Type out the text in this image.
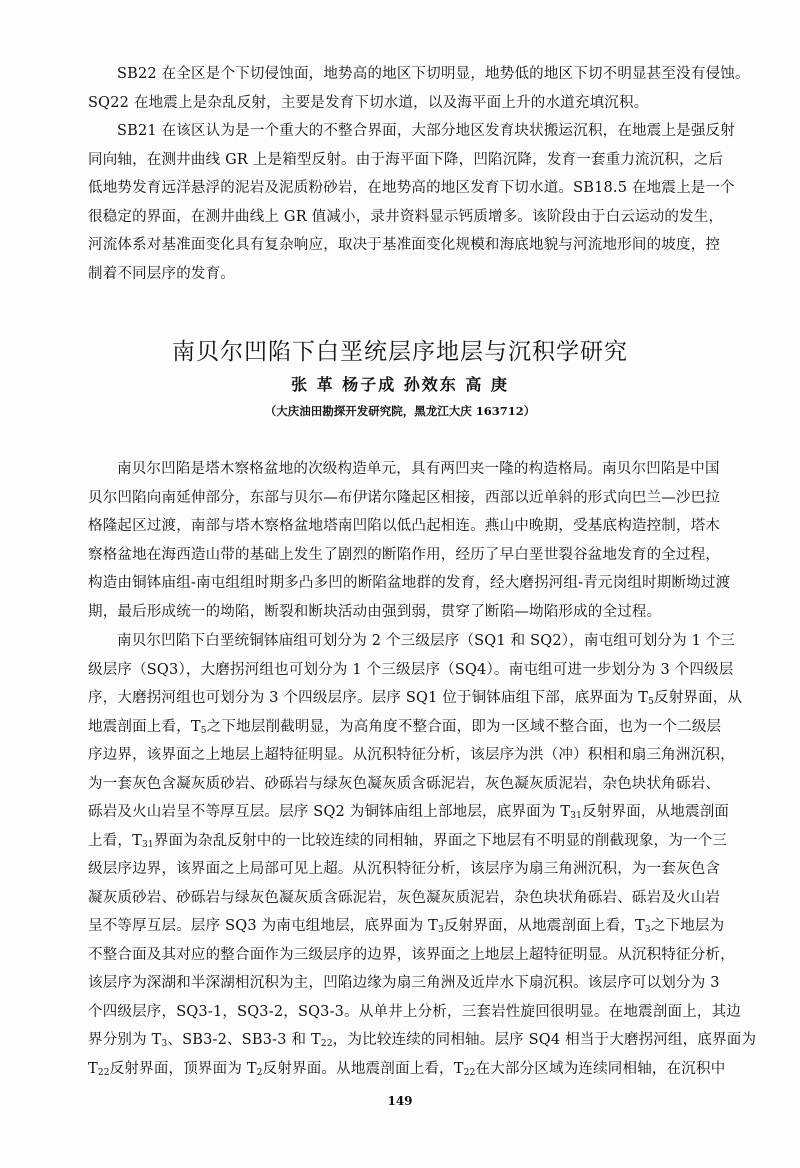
SB22 在全区是个下切侵蚀面，地势高的地区下切明显，地势低的地区下切不明显甚至没有侵蚀。
SQ22 在地震上是杂乱反射，主要是发育下切水道，以及海平面上升的水道充填沉积。
SB21 在该区认为是一个重大的不整合界面，大部分地区发育块状搬运沉积，在地震上是强反射
同向轴，在测井曲线 GR 上是箱型反射。由于海平面下降，凹陷沉降，发育一套重力流沉积，之后
低地势发育远洋悬浮的泥岩及泥质粉砂岩，在地势高的地区发育下切水道。SB18.5 在地震上是一个
很稳定的界面，在测井曲线上 GR 值减小，录井资料显示钙质增多。该阶段由于白云运动的发生，
河流体系对基准面变化具有复杂响应，取决于基准面变化规模和海底地貌与河流地形间的坡度，控
制着不同层序的发育。
南贝尔凹陷下白垩统层序地层与沉积学研究
张 革 杨子成 孙效东 高 庚
（大庆油田勘探开发研究院，黑龙江大庆 163712）
南贝尔凹陷是塔木察格盆地的次级构造单元，具有两凹夹一隆的构造格局。南贝尔凹陷是中国
贝尔凹陷向南延伸部分，东部与贝尔—布伊诺尔隆起区相接，西部以近单斜的形式向巴兰—沙巴拉
格隆起区过渡，南部与塔木察格盆地塔南凹陷以低凸起相连。燕山中晚期，受基底构造控制，塔木
察格盆地在海西造山带的基础上发生了剧烈的断陷作用，经历了早白垩世裂谷盆地发育的全过程，
构造由铜钵庙组-南屯组组时期多凸多凹的断陷盆地群的发育，经大磨拐河组-青元岗组时期断坳过渡
期，最后形成统一的坳陷，断裂和断块活动由强到弱，贯穿了断陷—坳陷形成的全过程。
南贝尔凹陷下白垩统铜钵庙组可划分为 2 个三级层序（SQ1 和 SQ2），南屯组可划分为 1 个三
级层序（SQ3），大磨拐河组也可划分为 1 个三级层序（SQ4）。南屯组可进一步划分为 3 个四级层
序，大磨拐河组也可划分为 3 个四级层序。层序 SQ1 位于铜钵庙组下部，底界面为 $T_5$反射界面，从
地震剖面上看，$T_5$之下地层削截明显，为高角度不整合面，即为一区域不整合面，也为一个二级层
序边界，该界面之上地层上超特征明显。从沉积特征分析，该层序为洪（冲）积相和扇三角洲沉积，
为一套灰色含凝灰质砂岩、砂砾岩与绿灰色凝灰质含砾泥岩，灰色凝灰质泥岩，杂色块状角砾岩、
砾岩及火山岩呈不等厚互层。层序 SQ2 为铜钵庙组上部地层，底界面为 $T_{31}$反射界面，从地震剖面
上看，$T_{31}$界面为杂乱反射中的一比较连续的同相轴，界面之下地层有不明显的削截现象，为一个三
级层序边界，该界面之上局部可见上超。从沉积特征分析，该层序为扇三角洲沉积，为一套灰色含
凝灰质砂岩、砂砾岩与绿灰色凝灰质含砾泥岩，灰色凝灰质泥岩，杂色块状角砾岩、砾岩及火山岩
呈不等厚互层。层序 SQ3 为南屯组地层，底界面为 $T_3$反射界面，从地震剖面上看，$T_3$之下地层为
不整合面及其对应的整合面作为三级层序的边界，该界面之上地层上超特征明显。从沉积特征分析，
该层序为深湖和半深湖相沉积为主，凹陷边缘为扇三角洲及近岸水下扇沉积。该层序可以划分为 3
个四级层序，SQ3-1，SQ3-2，SQ3-3。从单井上分析，三套岩性旋回很明显。在地震剖面上，其边
界分别为 $T_3$、SB3-2、SB3-3 和 $T_{22}$，为比较连续的同相轴。层序 SQ4 相当于大磨拐河组，底界面为
$T_{22}$反射界面，顶界面为 $T_2$反射界面。从地震剖面上看，$T_{22}$在大部分区域为连续同相轴，在沉积中
149
